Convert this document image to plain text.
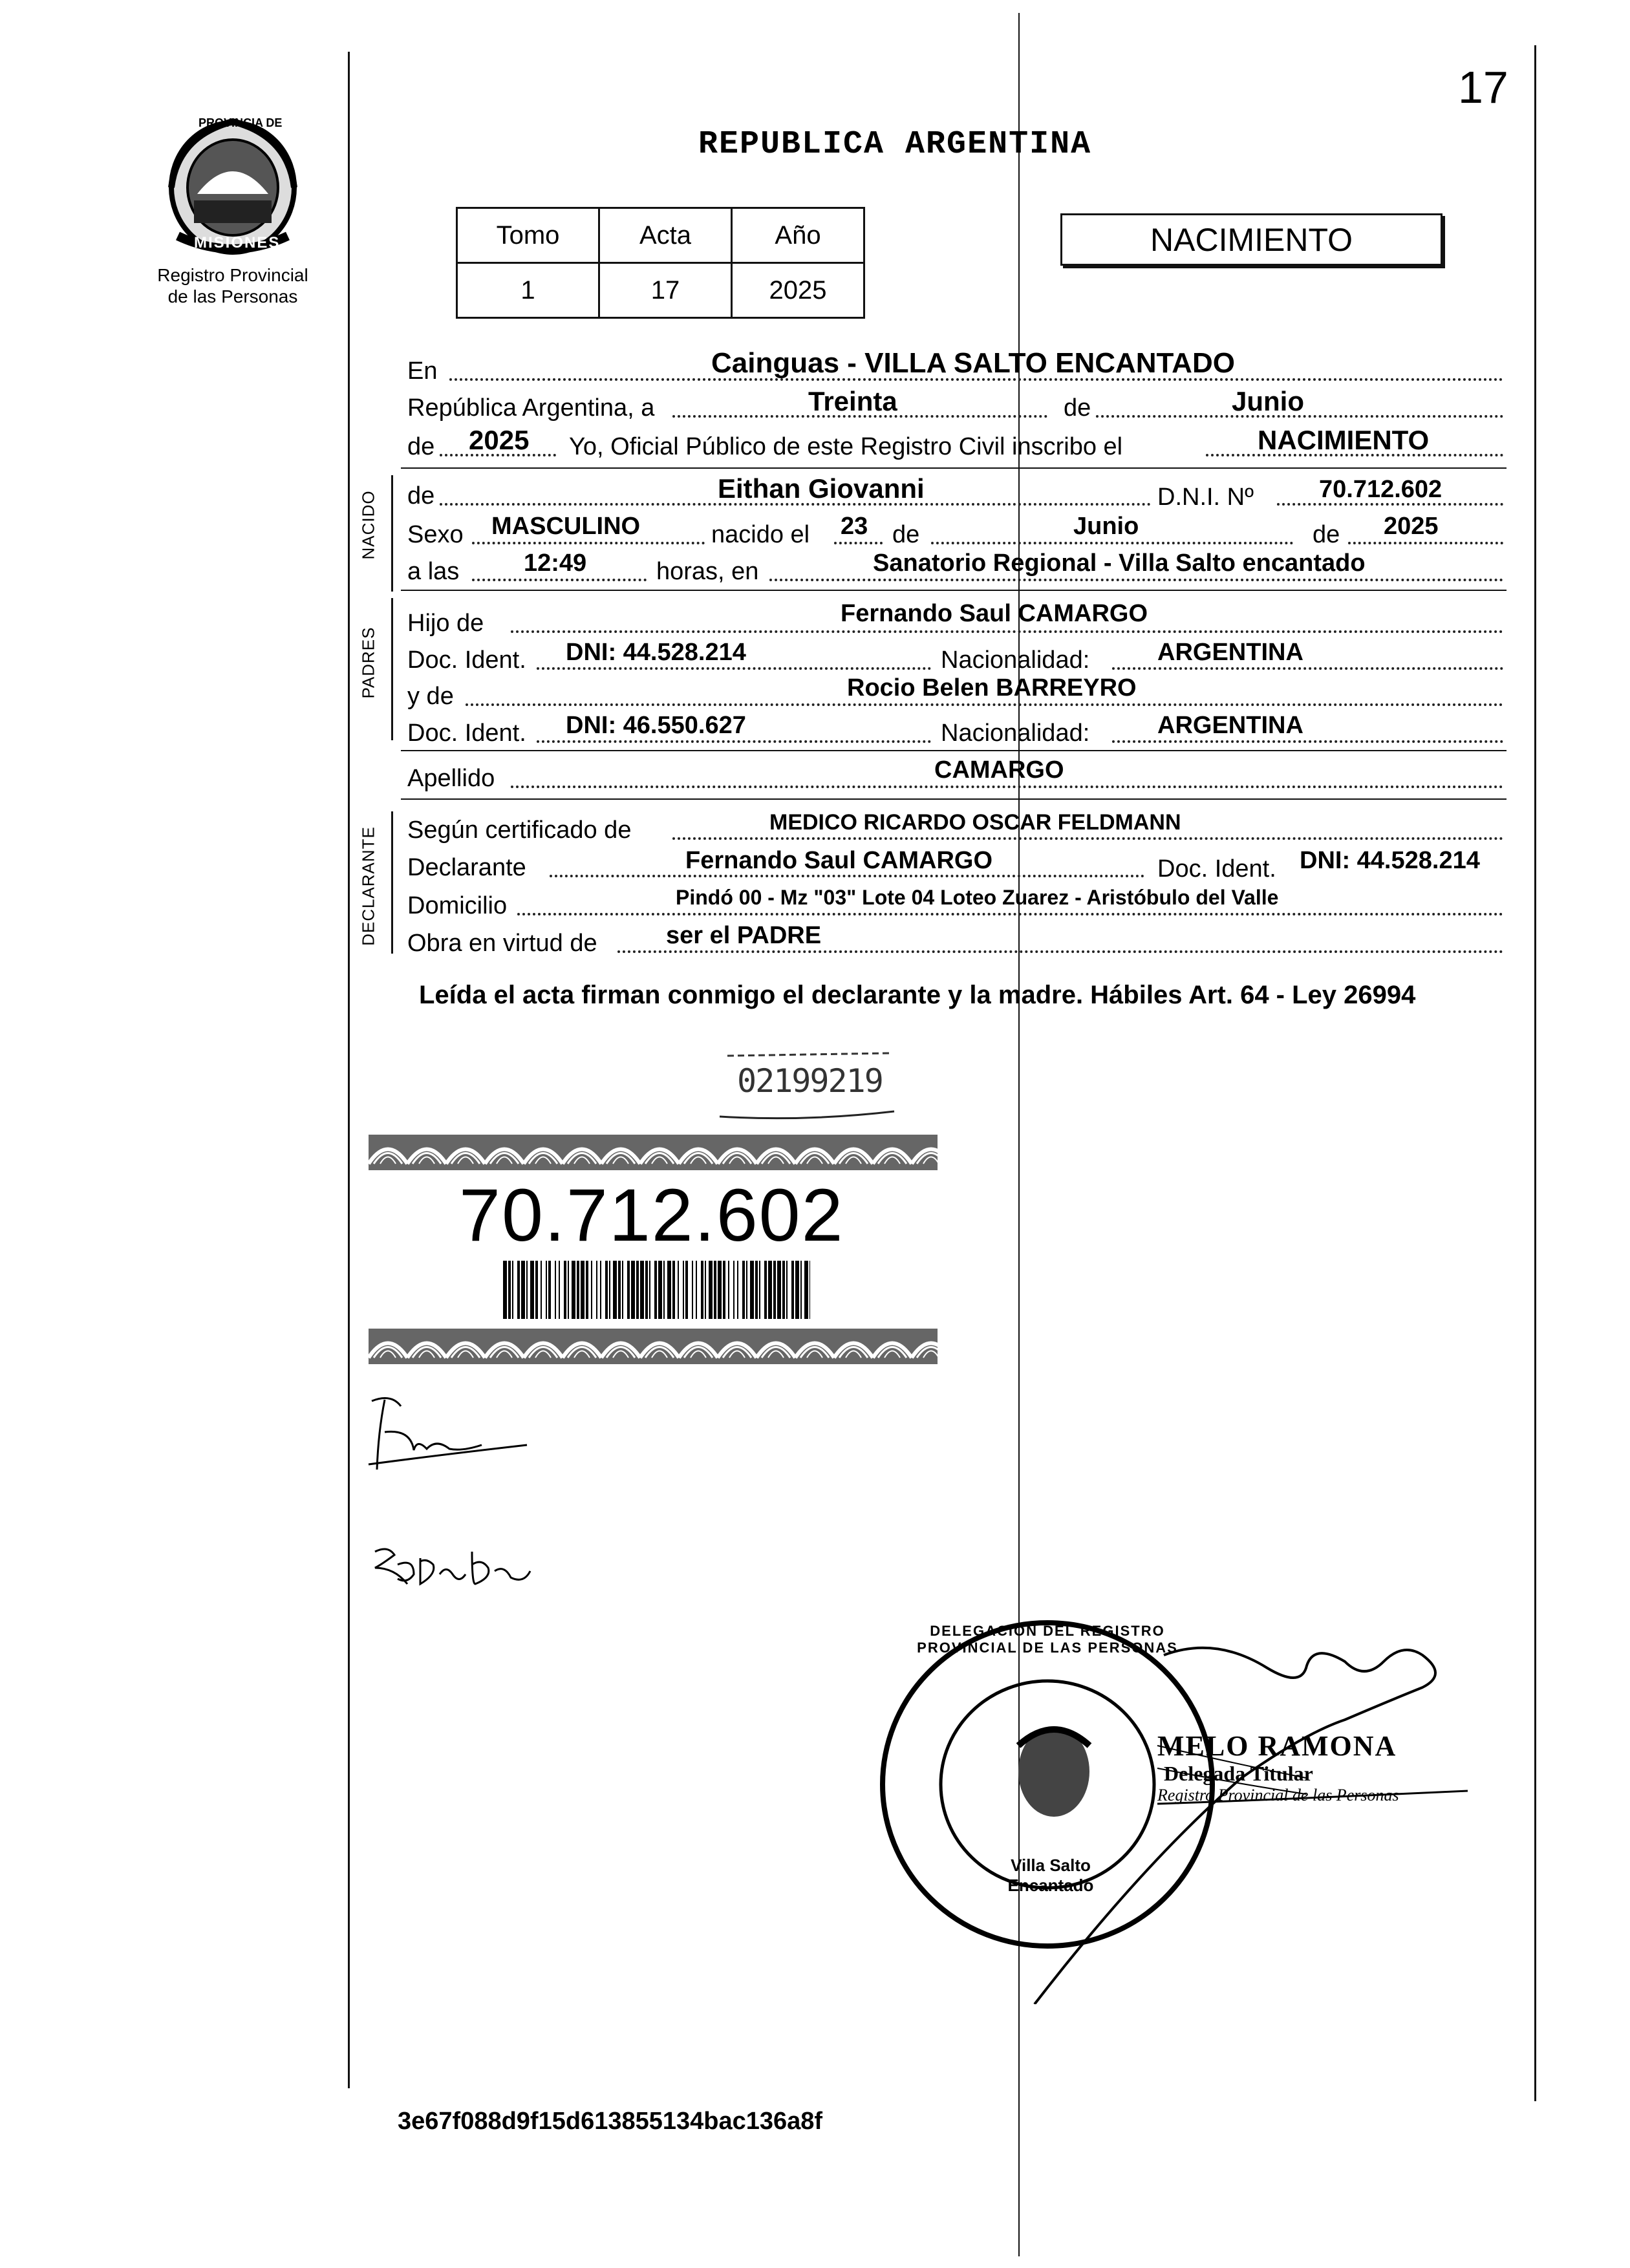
17
PROVINCIA DE
MISIONES
Registro Provincial
de las Personas
REPUBLICA ARGENTINA
Tomo	Acta	Año
1	17	2025
NACIMIENTO
En	Cainguas - VILLA SALTO ENCANTADO
República Argentina, a	Treinta	de	Junio
de 2025 Yo, Oficial Público de este Registro Civil inscribo el	NACIMIENTO
NACIDO de	Eithan Giovanni	D.N.I. Nº	70.712.602
Sexo MASCULINO	nacido el 23 de	Junio	de 2025
a las	12:49	horas, en	Sanatorio Regional - Villa Salto encantado
PADRES
Hijo de	Fernando Saul CAMARGO
Doc. Ident. DNI: 44.528.214	Nacionalidad:	ARGENTINA
y de	Rocio Belen BARREYRO
Doc. Ident. DNI: 46.550.627	Nacionalidad:	ARGENTINA
Apellido	CAMARGO
DECLARANTE Según certificado de	MEDICO RICARDO OSCAR FELDMANN
Declarante	Fernando Saul CAMARGO	Doc. Ident. DNI: 44.528.214
Domicilio	Pindó 00 - Mz "03" Lote 04 Loteo Zuarez - Aristóbulo del Valle
Obra en virtud de	ser el PADRE
Leída el acta firman conmigo el declarante y la madre. Hábiles Art. 64 - Ley 26994
02199219
70.712.602
DELEGACION DEL REGISTRO PROVINCIAL DE LAS PERSONAS
Villa Salto Encantado
MELO RAMONA
Delegada Titular
Registro Provincial de las Personas
3e67f088d9f15d613855134bac136a8f
